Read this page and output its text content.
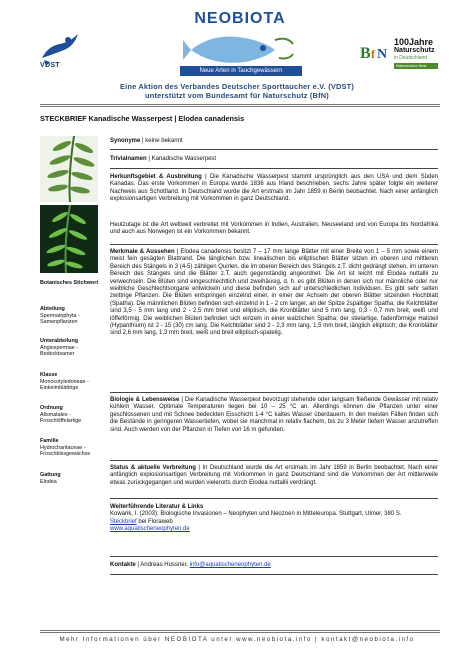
VDST
NEOBIOTA
Neue Arten in Tauchgewässern
B f N
100Jahre
Naturschutz
in Deutschland
Naturschutz Netz
Eine Aktion des Verbandes Deutscher Sporttaucher e.V. (VDST)
unterstützt vom Bundesamt für Naturschutz (BfN)
STECKBRIEF Kanadische Wasserpest | Elodea canadensis
Botanisches Stichwort
Abteilung
Spermatophyta - Samenpflanzen
Unterabteilung
Angiospermae - Bedecktsamer
Klasse
Monocotyledoneae - Einkeimblättrige
Ordnung
Alismatales - Froschlöffelartige
Familie
Hydrocharitaceae - Froschbissgewächse
Gattung
Elodea
Synonyme | keine bekannt
Trivialnamen | Kanadische Wasserpest
Herkunftsgebiet & Ausbreitung | Die Kanadische Wasserpest stammt ursprünglich aus den USA und dem Süden Kanadas. Das erste Vorkommen in Europa wurde 1836 aus Irland beschrieben, sechs Jahre später folgte ein weiterer Nachweis aus Schottland. In Deutschland wurde die Art erstmals im Jahr 1859 in Berlin beobachtet. Nach einer anfänglich explosionsartigen Verbreitung mit Vorkommen in ganz Deutschland.
Heutzutage ist die Art weltweit verbreitet mit Vorkommen in Indien, Australien, Neuseeland und von Europa bis Nordafrika und auch aus Norwegen ist ein Vorkommen bekannt.
Merkmale & Aussehen | Elodea canadensis besitzt 7 – 17 mm lange Blätter mit einer Breite von 1 – 5 mm sowie einem meist fein gesägten Blattrand. Die länglichen bzw. linealischen bis elliptischen Blätter sitzen im oberen und mittleren Bereich des Stängels in 3 (4-5) zähligen Quirlen, die im oberen Bereich des Stängels z.T. dicht gedrängt stehen, im unteren Bereich des Stängels sind die Blätter z.T. auch gegenständig angeordnet. Die Art ist leicht mit Elodea nuttallii zu verwechseln. Die Blüten sind eingeschlechtlich und zweihäusig, d. h. es gibt Blüten in denen sich nur männliche oder nur weibliche Geschlechtsorgane entwickeln und diese befinden sich auf unterschiedlichen Individuen. Es gibt sehr selten zwittrige Pflanzen. Die Blüten entspringen einzelnd einer, in einer der Achseln der oberen Blätter sitzenden Hochblatt (Spatha). Die männlichen Blüten befinden sich einzelnd in 1 - 2 cm langer, an der Spitze 2spaltiger Spatha; die Kelchblätter sind 3,5 - 5 mm lang und 2 - 2,5 mm breit und elliptisch, die Kronblätter sind 5 mm lang, 0,3 - 0,7 mm breit, weiß und löffelförmig. Die weiblichen Blüten befinden sich einzeln in einer walzlichen Spatha; der stielartige, fadenförmige Halsteil (Hypanthium) ist 2 - 15 (30) cm lang. Die Kelchblätter sind 2 - 2,3 mm lang, 1,5 mm breit, länglich elliptisch; die Kronblätter sind 2,6 mm lang, 1,3 mm breit, weiß und breit elliptisch-spatelig.
Biologie & Lebensweise | Die Kanadische Wasserpest bevorzugt stehende oder langsam fließende Gewässer mit relativ kühlem Wasser. Optimale Temperaturen liegen bei 10 – 25 °C an. Allerdings können die Pflanzen unter einer geschlossenen und mit Schnee bedeckten Eisschicht 1-4 °C kaltes Wasser überdauern. In den meisten Fällen finden sich die Bestände in geringeren Wassertiefen, wobei sie manchmal in relativ flachem, bis zu 3 Meter tiefem Wasser anzutreffen sind. Auch werden von der Pflanzen in Tiefen von 16 m gefunden.
Status & aktuelle Verbreitung | In Deutschland wurde die Art erstmals im Jahr 1859 in Berlin beobachtet. Nach einer anfänglich explosionsartigen Verbreitung mit Vorkommen in ganz Deutschland sind die Vorkommen der Art mittlerweile etwas zurückgegangen und wurden vielerorts durch Elodea nuttallii verdrängt.
Weiterführende Literatur & Links
Kowarik, I. (2003): Biologische Invasionen – Neophyten und Neozoen in Mitteleuropa. Stuttgart, Ulmer, 380 S.
Steckbrief bei Floraweb
www.aquatischeneophyten.de
Kontakte | Andreas Hussner, info@aquatischeneophyten.de
Mehr Informationen über NEOBIOTA unter www.neobiota.info | kontakt@neobiota.info
